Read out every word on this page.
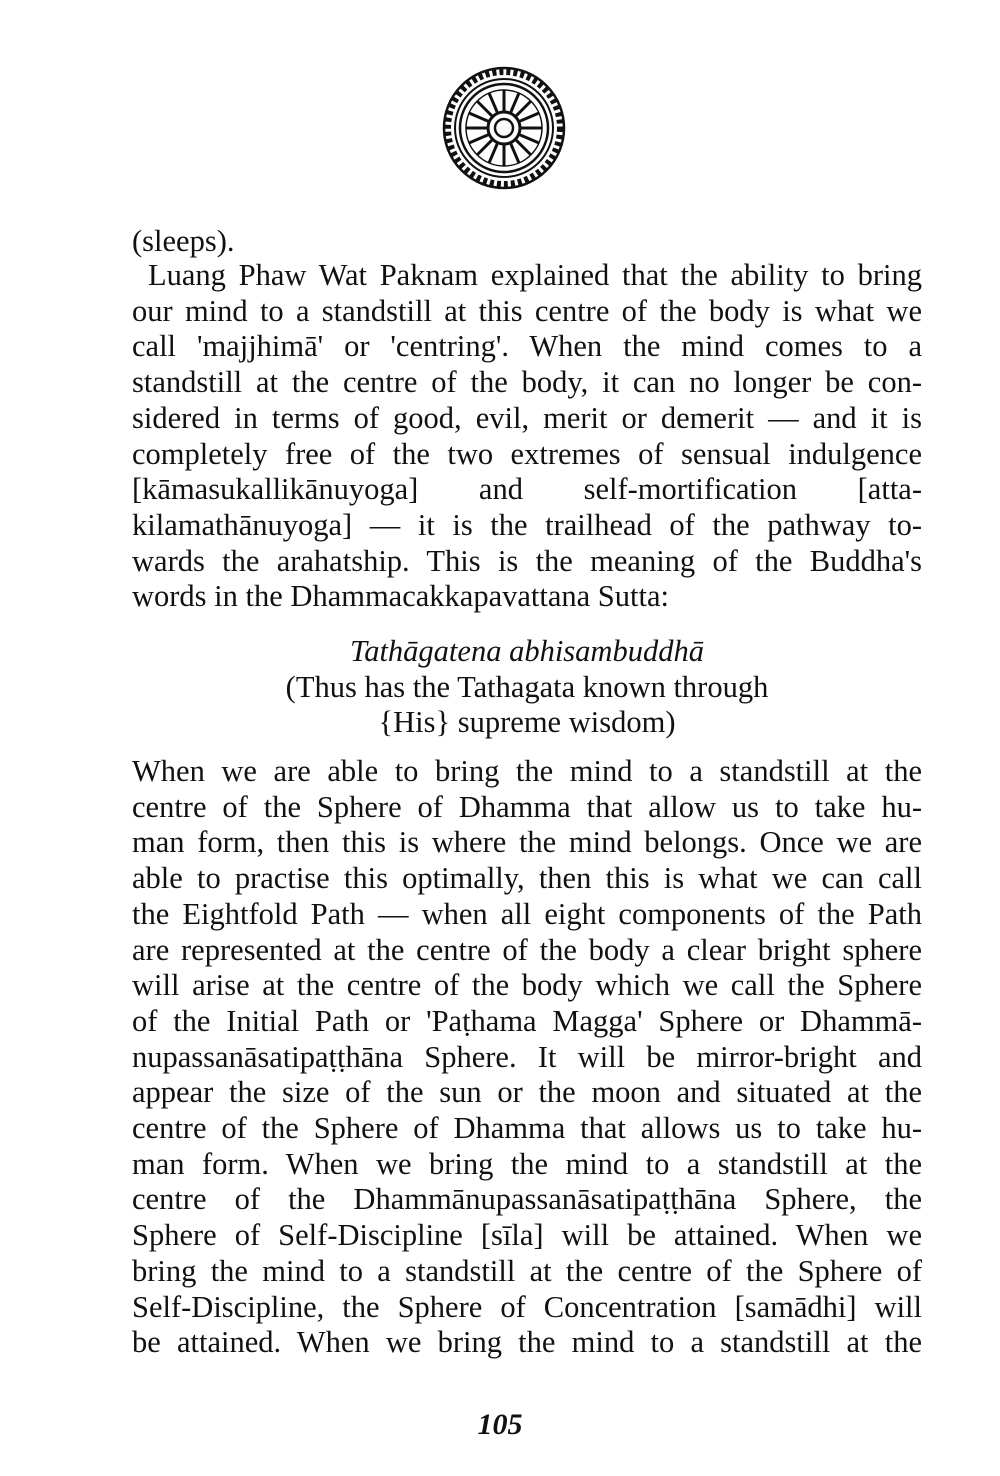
(sleeps).

Luang Phaw Wat Paknam explained that the ability to bring
our mind to a standstill at this centre of the body is what we
call 'majjhimā' or 'centring'. When the mind comes to a
standstill at the centre of the body, it can no longer be con-
sidered in terms of good, evil, merit or demerit — and it is
completely free of the two extremes of sensual indulgence
[kāmasukallikānuyoga] and self-mortification [atta-
kilamathānuyoga] — it is the trailhead of the pathway to-
wards the arahatship. This is the meaning of the Buddha's
words in the Dhammacakkapavattana Sutta:
Tathāgatena abhisambuddhā
(Thus has the Tathagata known through
{His} supreme wisdom)
When we are able to bring the mind to a standstill at the
centre of the Sphere of Dhamma that allow us to take hu-
man form, then this is where the mind belongs. Once we are
able to practise this optimally, then this is what we can call
the Eightfold Path — when all eight components of the Path
are represented at the centre of the body a clear bright sphere
will arise at the centre of the body which we call the Sphere
of the Initial Path or 'Paṭhama Magga' Sphere or Dhammā-
nupassanāsatipaṭṭhāna Sphere. It will be mirror-bright and
appear the size of the sun or the moon and situated at the
centre of the Sphere of Dhamma that allows us to take hu-
man form. When we bring the mind to a standstill at the
centre of the Dhammānupassanāsatipaṭṭhāna Sphere, the
Sphere of Self-Discipline [sīla] will be attained. When we
bring the mind to a standstill at the centre of the Sphere of
Self-Discipline, the Sphere of Concentration [samādhi] will
be attained. When we bring the mind to a standstill at the
105
